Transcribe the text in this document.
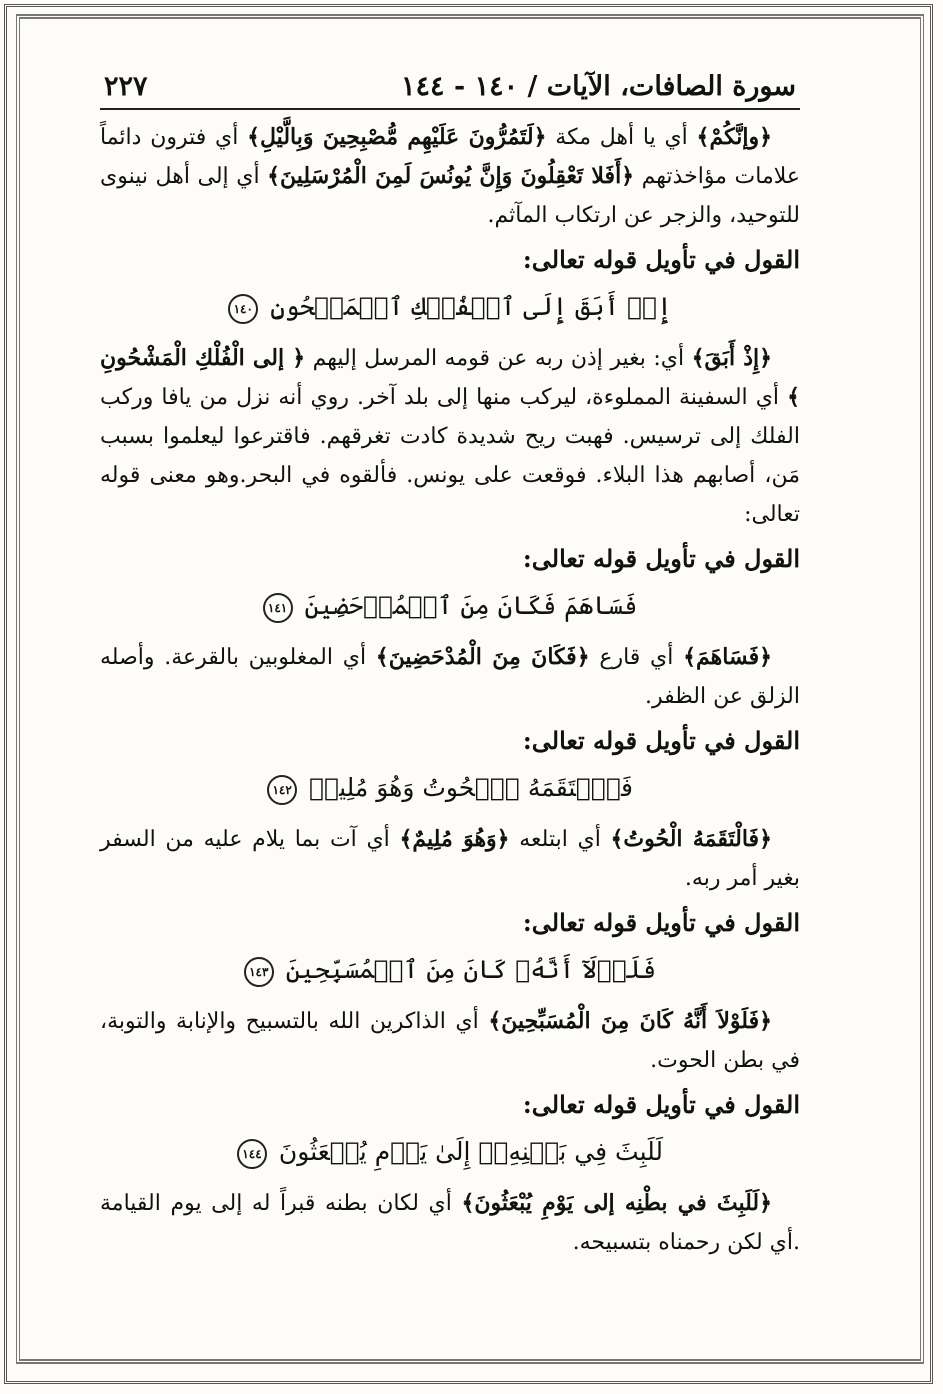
سورة الصافات، الآيات / ١٤٠ - ١٤٤
٢٢٧

﴿وإنَّكُمْ﴾ أي يا أهل مكة ﴿لَتَمُرُّونَ عَلَيْهِم مُّصْبِحِينَ وَبِالَّيْلِ﴾ أي فترون دائماً علامات مؤاخذتهم ﴿أَفَلا تَعْقِلُونَ وَإِنَّ يُونُسَ لَمِنَ الْمُرْسَلِينَ﴾ أي إلى أهل نينوى للتوحيد، والزجر عن ارتكاب المآثم.

القول في تأويل قوله تعالى:
إِذۡ أَبَقَ إِلَى ٱلۡفُلۡكِ ٱلۡمَشۡحُونِ ١٤٠

﴿إِذْ أَبَقَ﴾ أي: بغير إذن ربه عن قومه المرسل إليهم ﴿ إلى الْفُلْكِ الْمَشْحُونِ ﴾ أي السفينة المملوءة، ليركب منها إلى بلد آخر. روي أنه نزل من يافا وركب الفلك إلى ترسيس. فهبت ريح شديدة كادت تغرقهم. فاقترعوا ليعلموا بسبب مَن، أصابهم هذا البلاء. فوقعت على يونس. فألقوه في البحر.وهو معنى قوله تعالى:

القول في تأويل قوله تعالى:
فَسَاهَمَ فَكَانَ مِنَ ٱلۡمُدۡحَضِينَ ١٤١

﴿فَسَاهَمَ﴾ أي قارع ﴿فَكَانَ مِنَ الْمُدْحَضِينَ﴾ أي المغلوبين بالقرعة. وأصله الزلق عن الظفر.

القول في تأويل قوله تعالى:
فَٱلۡتَقَمَهُ ٱلۡحُوتُ وَهُوَ مُلِيمٞ ١٤٢

﴿فَالْتَقَمَهُ الْحُوتُ﴾ أي ابتلعه ﴿وَهُوَ مُلِيمٌ﴾ أي آت بما يلام عليه من السفر بغير أمر ربه.

القول في تأويل قوله تعالى:
فَلَوۡلَآ أَنَّهُۥ كَانَ مِنَ ٱلۡمُسَبِّحِينَ ١٤٣

﴿فَلَوْلاَ أَنَّهُ كَانَ مِنَ الْمُسَبِّحِينَ﴾ أي الذاكرين الله بالتسبيح والإنابة والتوبة، في بطن الحوت.

القول في تأويل قوله تعالى:
لَلَبِثَ فِي بَطۡنِهِۦٓ إِلَىٰ يَوۡمِ يُبۡعَثُونَ ١٤٤

﴿لَلَبِثَ في بطْنِه إلى يَوْمِ يُبْعَثُونَ﴾ أي لكان بطنه قبراً له إلى يوم القيامة .أي لكن رحمناه بتسبيحه.
